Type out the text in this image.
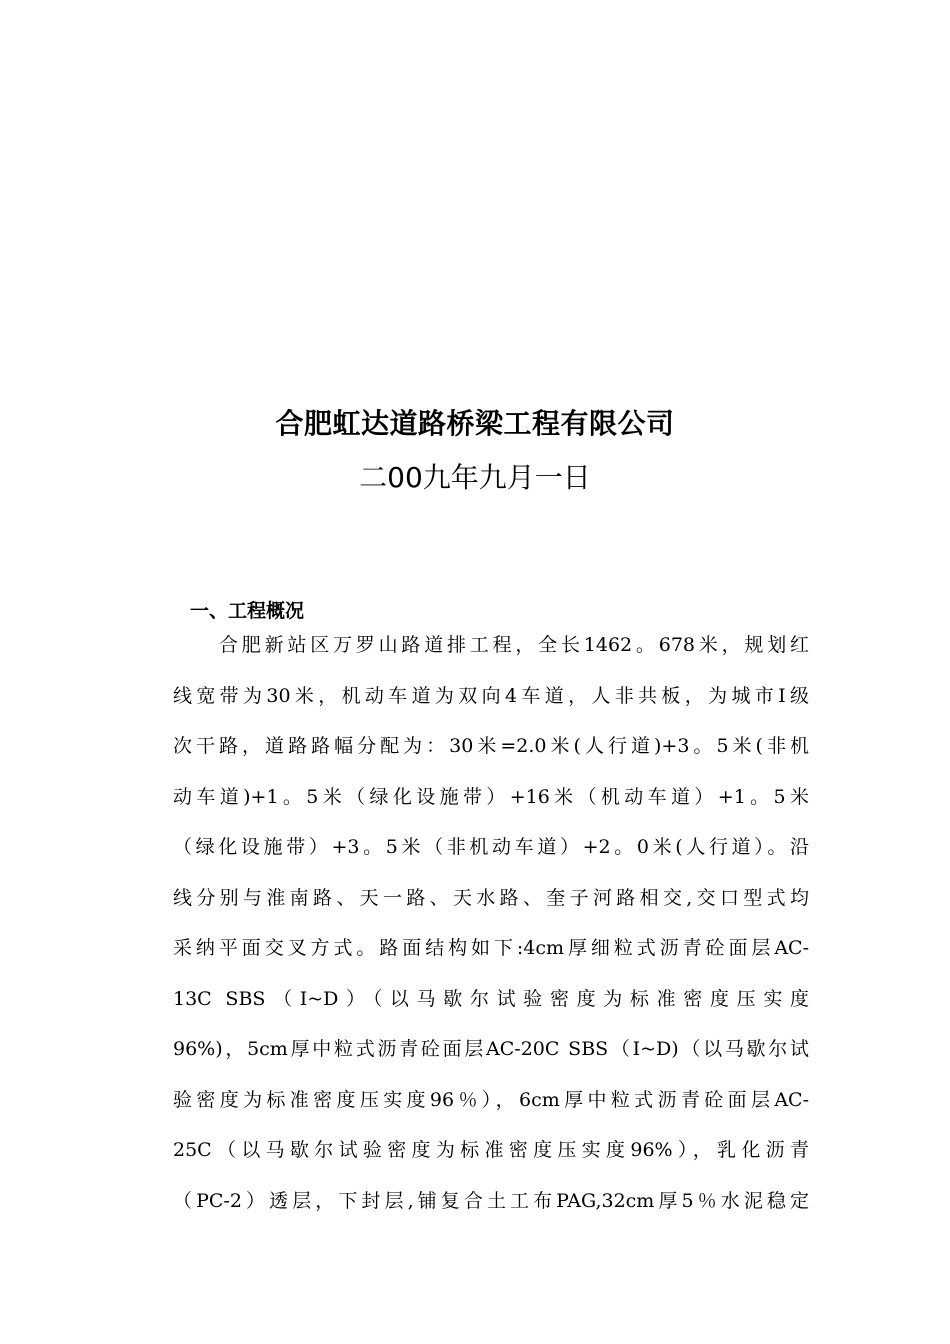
合肥虹达道路桥梁工程有限公司
二00九年九月一日
一、工程概况
合肥新站区万罗山路道排工程，全长1462。678米，规划红
线宽带为30米，机动车道为双向4车道，人非共板，为城市Ⅰ级
次干路，道路路幅分配为：30米=2.0米(人行道)+3。5米(非机
动车道)+1。5米（绿化设施带）+16米（机动车道）+1。5米
（绿化设施带）+3。5米（非机动车道）+2。0米(人行道）。沿
线分别与淮南路、天一路、天水路、奎子河路相交,交口型式均
采纳平面交叉方式。路面结构如下:4cm厚细粒式沥青砼面层AC-
13C SBS（I~D）（以马歇尔试验密度为标准密度压实度
96%)，5cm厚中粒式沥青砼面层AC-20C SBS（I~D)（以马歇尔试
验密度为标准密度压实度96％），6cm厚中粒式沥青砼面层AC-
25C（以马歇尔试验密度为标准密度压实度96%），乳化沥青
（PC-2）透层，下封层,铺复合土工布PAG,32cm厚5％水泥稳定
